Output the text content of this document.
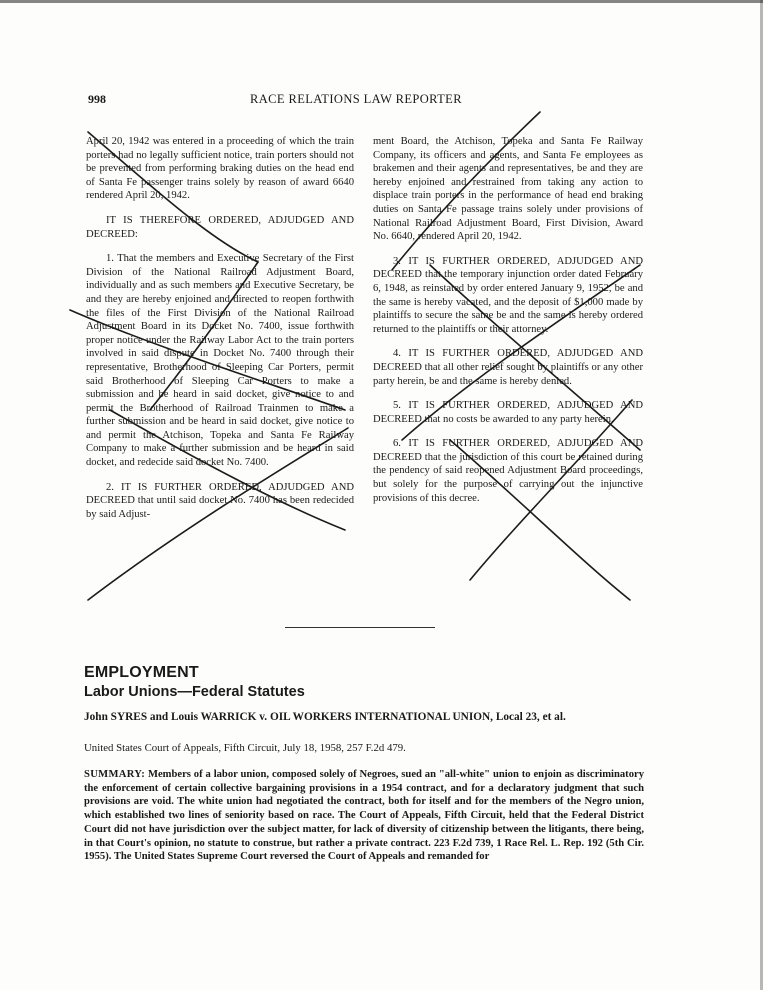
998	RACE RELATIONS LAW REPORTER

April 20, 1942 was entered in a proceeding of which the train porters had no legally sufficient notice, train porters should not be prevented from performing braking duties on the head end of Santa Fe passenger trains solely by reason of award 6640 rendered April 20, 1942.

IT IS THEREFORE ORDERED, ADJUDGED AND DECREED:

1. That the members and Executive Secretary of the First Division of the National Railroad Adjustment Board, individually and as such members and Executive Secretary, be and they are hereby enjoined and directed to reopen forthwith the files of the First Division of the National Railroad Adjustment Board in its Docket No. 7400, issue forthwith proper notice under the Railway Labor Act to the train porters involved in said dispute in Docket No. 7400 through their representative, Brotherhood of Sleeping Car Porters, permit said Brotherhood of Sleeping Car Porters to make a submission and be heard in said docket, give notice to and permit the Brotherhood of Railroad Trainmen to make a further submission and be heard in said docket, give notice to and permit the Atchison, Topeka and Santa Fe Railway Company to make a further submission and be heard in said docket, and redecide said docket No. 7400.

2. IT IS FURTHER ORDERED, ADJUDGED AND DECREED that until said docket No. 7400 has been redecided by said Adjust-

ment Board, the Atchison, Topeka and Santa Fe Railway Company, its officers and agents, and Santa Fe employees as brakemen and their agents and representatives, be and they are hereby enjoined and restrained from taking any action to displace train porters in the performance of head end braking duties on Santa Fe passage trains solely under provisions of National Railroad Adjustment Board, First Division, Award No. 6640, rendered April 20, 1942.

3. IT IS FURTHER ORDERED, ADJUDGED AND DECREED that the temporary injunction order dated February 6, 1948, as reinstated by order entered January 9, 1952, be and the same is hereby vacated, and the deposit of $1,000 made by plaintiffs to secure the same be and the same is hereby ordered returned to the plaintiffs or their attorney.

4. IT IS FURTHER ORDERED, ADJUDGED AND DECREED that all other relief sought by plaintiffs or any other party herein, be and the same is hereby denied.

5. IT IS FURTHER ORDERED, ADJUDGED AND DECREED that no costs be awarded to any party herein.

6. IT IS FURTHER ORDERED, ADJUDGED AND DECREED that the jurisdiction of this court be retained during the pendency of said reopened Adjustment Board proceedings, but solely for the purpose of carrying out the injunctive provisions of this decree.

EMPLOYMENT
Labor Unions—Federal Statutes
John SYRES and Louis WARRICK v. OIL WORKERS INTERNATIONAL UNION, Local 23, et al.
United States Court of Appeals, Fifth Circuit, July 18, 1958, 257 F.2d 479.
SUMMARY: Members of a labor union, composed solely of Negroes, sued an "all-white" union to enjoin as discriminatory the enforcement of certain collective bargaining provisions in a 1954 contract, and for a declaratory judgment that such provisions are void. The white union had negotiated the contract, both for itself and for the members of the Negro union, which established two lines of seniority based on race. The Court of Appeals, Fifth Circuit, held that the Federal District Court did not have jurisdiction over the subject matter, for lack of diversity of citizenship between the litigants, there being, in that Court's opinion, no statute to construe, but rather a private contract. 223 F.2d 739, 1 Race Rel. L. Rep. 192 (5th Cir. 1955). The United States Supreme Court reversed the Court of Appeals and remanded for
